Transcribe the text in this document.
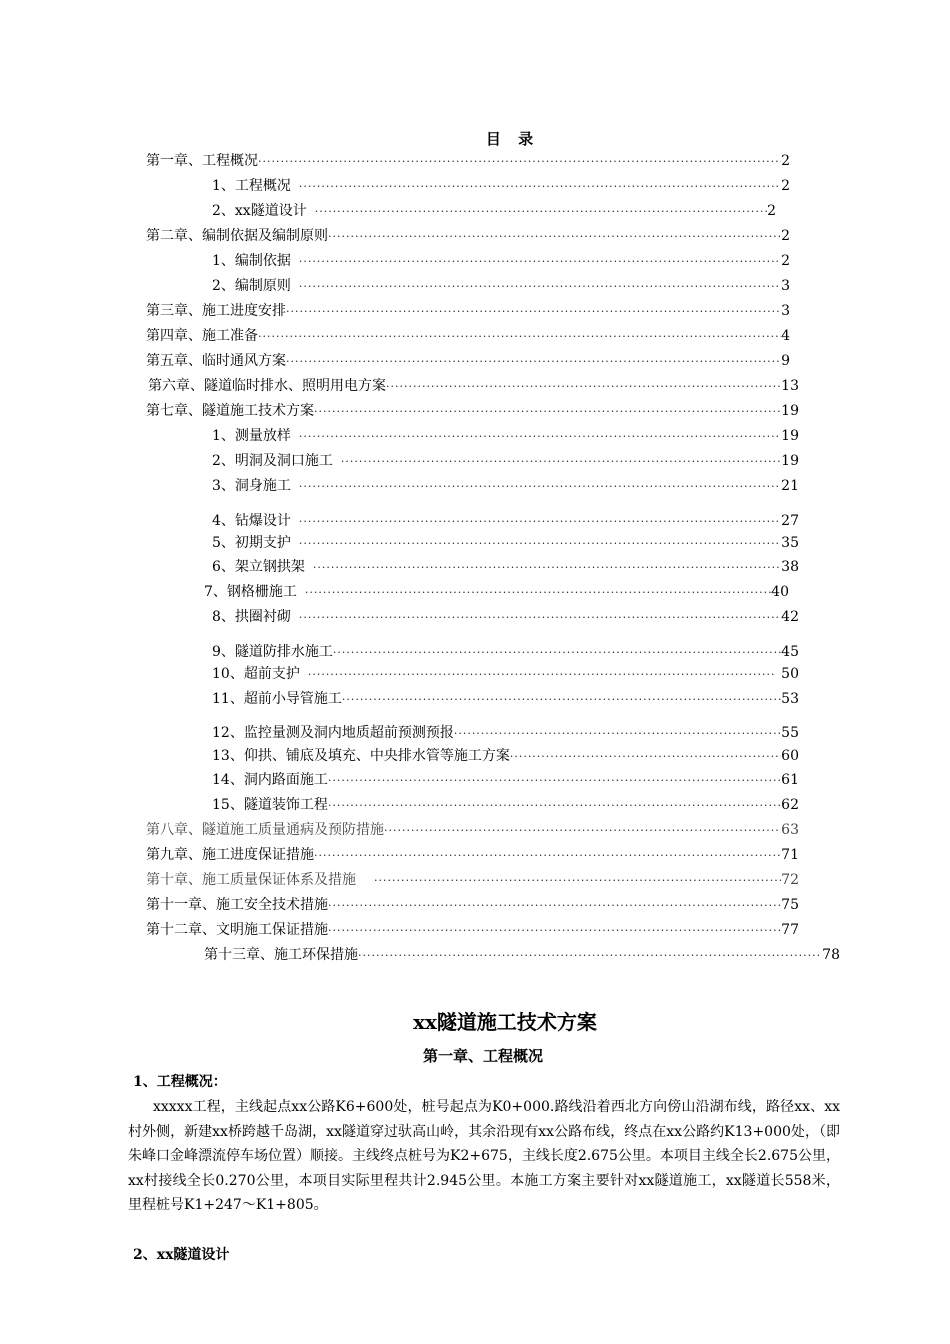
目 录
第一章、工程概况 ·····	2
1、工程概况 ·····	2
2、xx隧道设计 ·····	2
第二章、编制依据及编制原则 ·····	2
1、编制依据 ·····	2
2、编制原则 ·····	3
第三章、施工进度安排 ·····	3
第四章、施工准备 ·····	4
第五章、临时通风方案 ·····	9
第六章、隧道临时排水、照明用电方案 ·····	13
第七章、隧道施工技术方案 ·····	19
1、测量放样 ·····	19
2、明洞及洞口施工 ·····	19
3、洞身施工 ·····	21
4、钻爆设计 ·····	27
5、初期支护 ·····	35
6、架立钢拱架 ·····	38
7、钢格栅施工 ·····	40
8、拱圈衬砌 ·····	42
9、隧道防排水施工 ·····	45
10、超前支护 ·····	50
11、超前小导管施工 ·····	53
12、监控量测及洞内地质超前预测预报 ·····	55
13、仰拱、铺底及填充、中央排水管等施工方案 ·····	60
14、洞内路面施工 ·····	61
15、隧道装饰工程 ·····	62
第八章、隧道施工质量通病及预防措施 ·····	63
第九章、施工进度保证措施 ·····	71
第十章、施工质量保证体系及措施 ·····	72
第十一章、施工安全技术措施 ·····	75
第十二章、文明施工保证措施 ·····	77
第十三章、施工环保措施 ·····	78
xx隧道施工技术方案
第一章、工程概况
1、工程概况：
xxxxx工程，主线起点xx公路K6+600处，桩号起点为K0+000.路线沿着西北方向傍山沿湖布线，路径xx、xx村外侧，新建xx桥跨越千岛湖，xx隧道穿过驮高山岭，其余沿现有xx公路布线，终点在xx公路约K13+000处，（即朱峰口金峰漂流停车场位置）顺接。主线终点桩号为K2+675，主线长度2.675公里。本项目主线全长2.675公里，xx村接线全长0.270公里，本项目实际里程共计2.945公里。本施工方案主要针对xx隧道施工，xx隧道长558米，里程桩号K1+247～K1+805。
2、xx隧道设计
